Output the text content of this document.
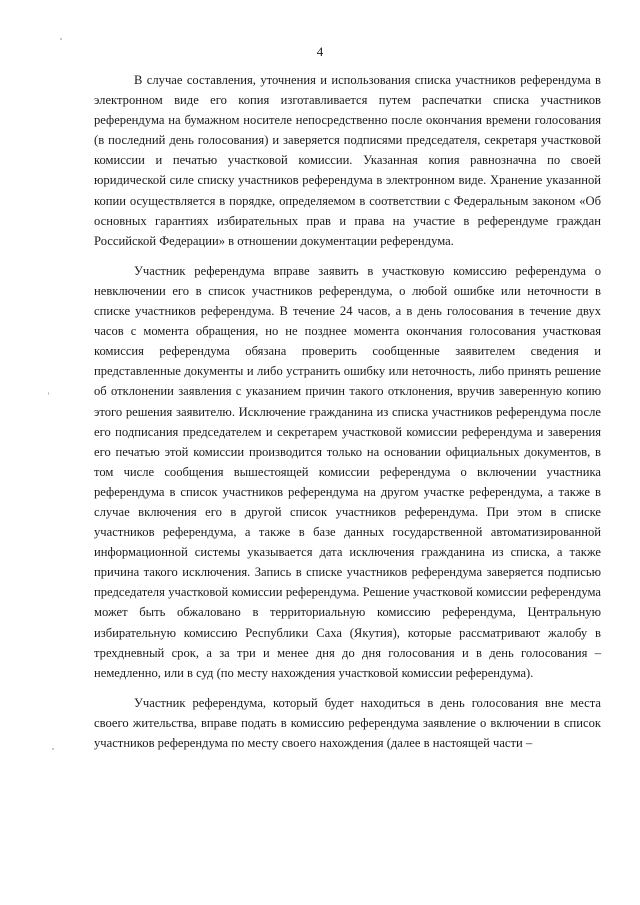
4

В случае составления, уточнения и использования списка участников референдума в электронном виде его копия изготавливается путем распечатки списка участников референдума на бумажном носителе непосредственно после окончания времени голосования (в последний день голосования) и заверяется подписями председателя, секретаря участковой комиссии и печатью участковой комиссии. Указанная копия равнозначна по своей юридической силе списку участников референдума в электронном виде. Хранение указанной копии осуществляется в порядке, определяемом в соответствии с Федеральным законом «Об основных гарантиях избирательных прав и права на участие в референдуме граждан Российской Федерации» в отношении документации референдума.

Участник референдума вправе заявить в участковую комиссию референдума о невключении его в список участников референдума, о любой ошибке или неточности в списке участников референдума. В течение 24 часов, а в день голосования в течение двух часов с момента обращения, но не позднее момента окончания голосования участковая комиссия референдума обязана проверить сообщенные заявителем сведения и представленные документы и либо устранить ошибку или неточность, либо принять решение об отклонении заявления с указанием причин такого отклонения, вручив заверенную копию этого решения заявителю. Исключение гражданина из списка участников референдума после его подписания председателем и секретарем участковой комиссии референдума и заверения его печатью этой комиссии производится только на основании официальных документов, в том числе сообщения вышестоящей комиссии референдума о включении участника референдума в список участников референдума на другом участке референдума, а также в случае включения его в другой список участников референдума. При этом в списке участников референдума, а также в базе данных государственной автоматизированной информационной системы указывается дата исключения гражданина из списка, а также причина такого исключения. Запись в списке участников референдума заверяется подписью председателя участковой комиссии референдума. Решение участковой комиссии референдума может быть обжаловано в территориальную комиссию референдума, Центральную избирательную комиссию Республики Саха (Якутия), которые рассматривают жалобу в трехдневный срок, а за три и менее дня до дня голосования и в день голосования – немедленно, или в суд (по месту нахождения участковой комиссии референдума).

Участник референдума, который будет находиться в день голосования вне места своего жительства, вправе подать в комиссию референдума заявление о включении в список участников референдума по месту своего нахождения (далее в настоящей части –
